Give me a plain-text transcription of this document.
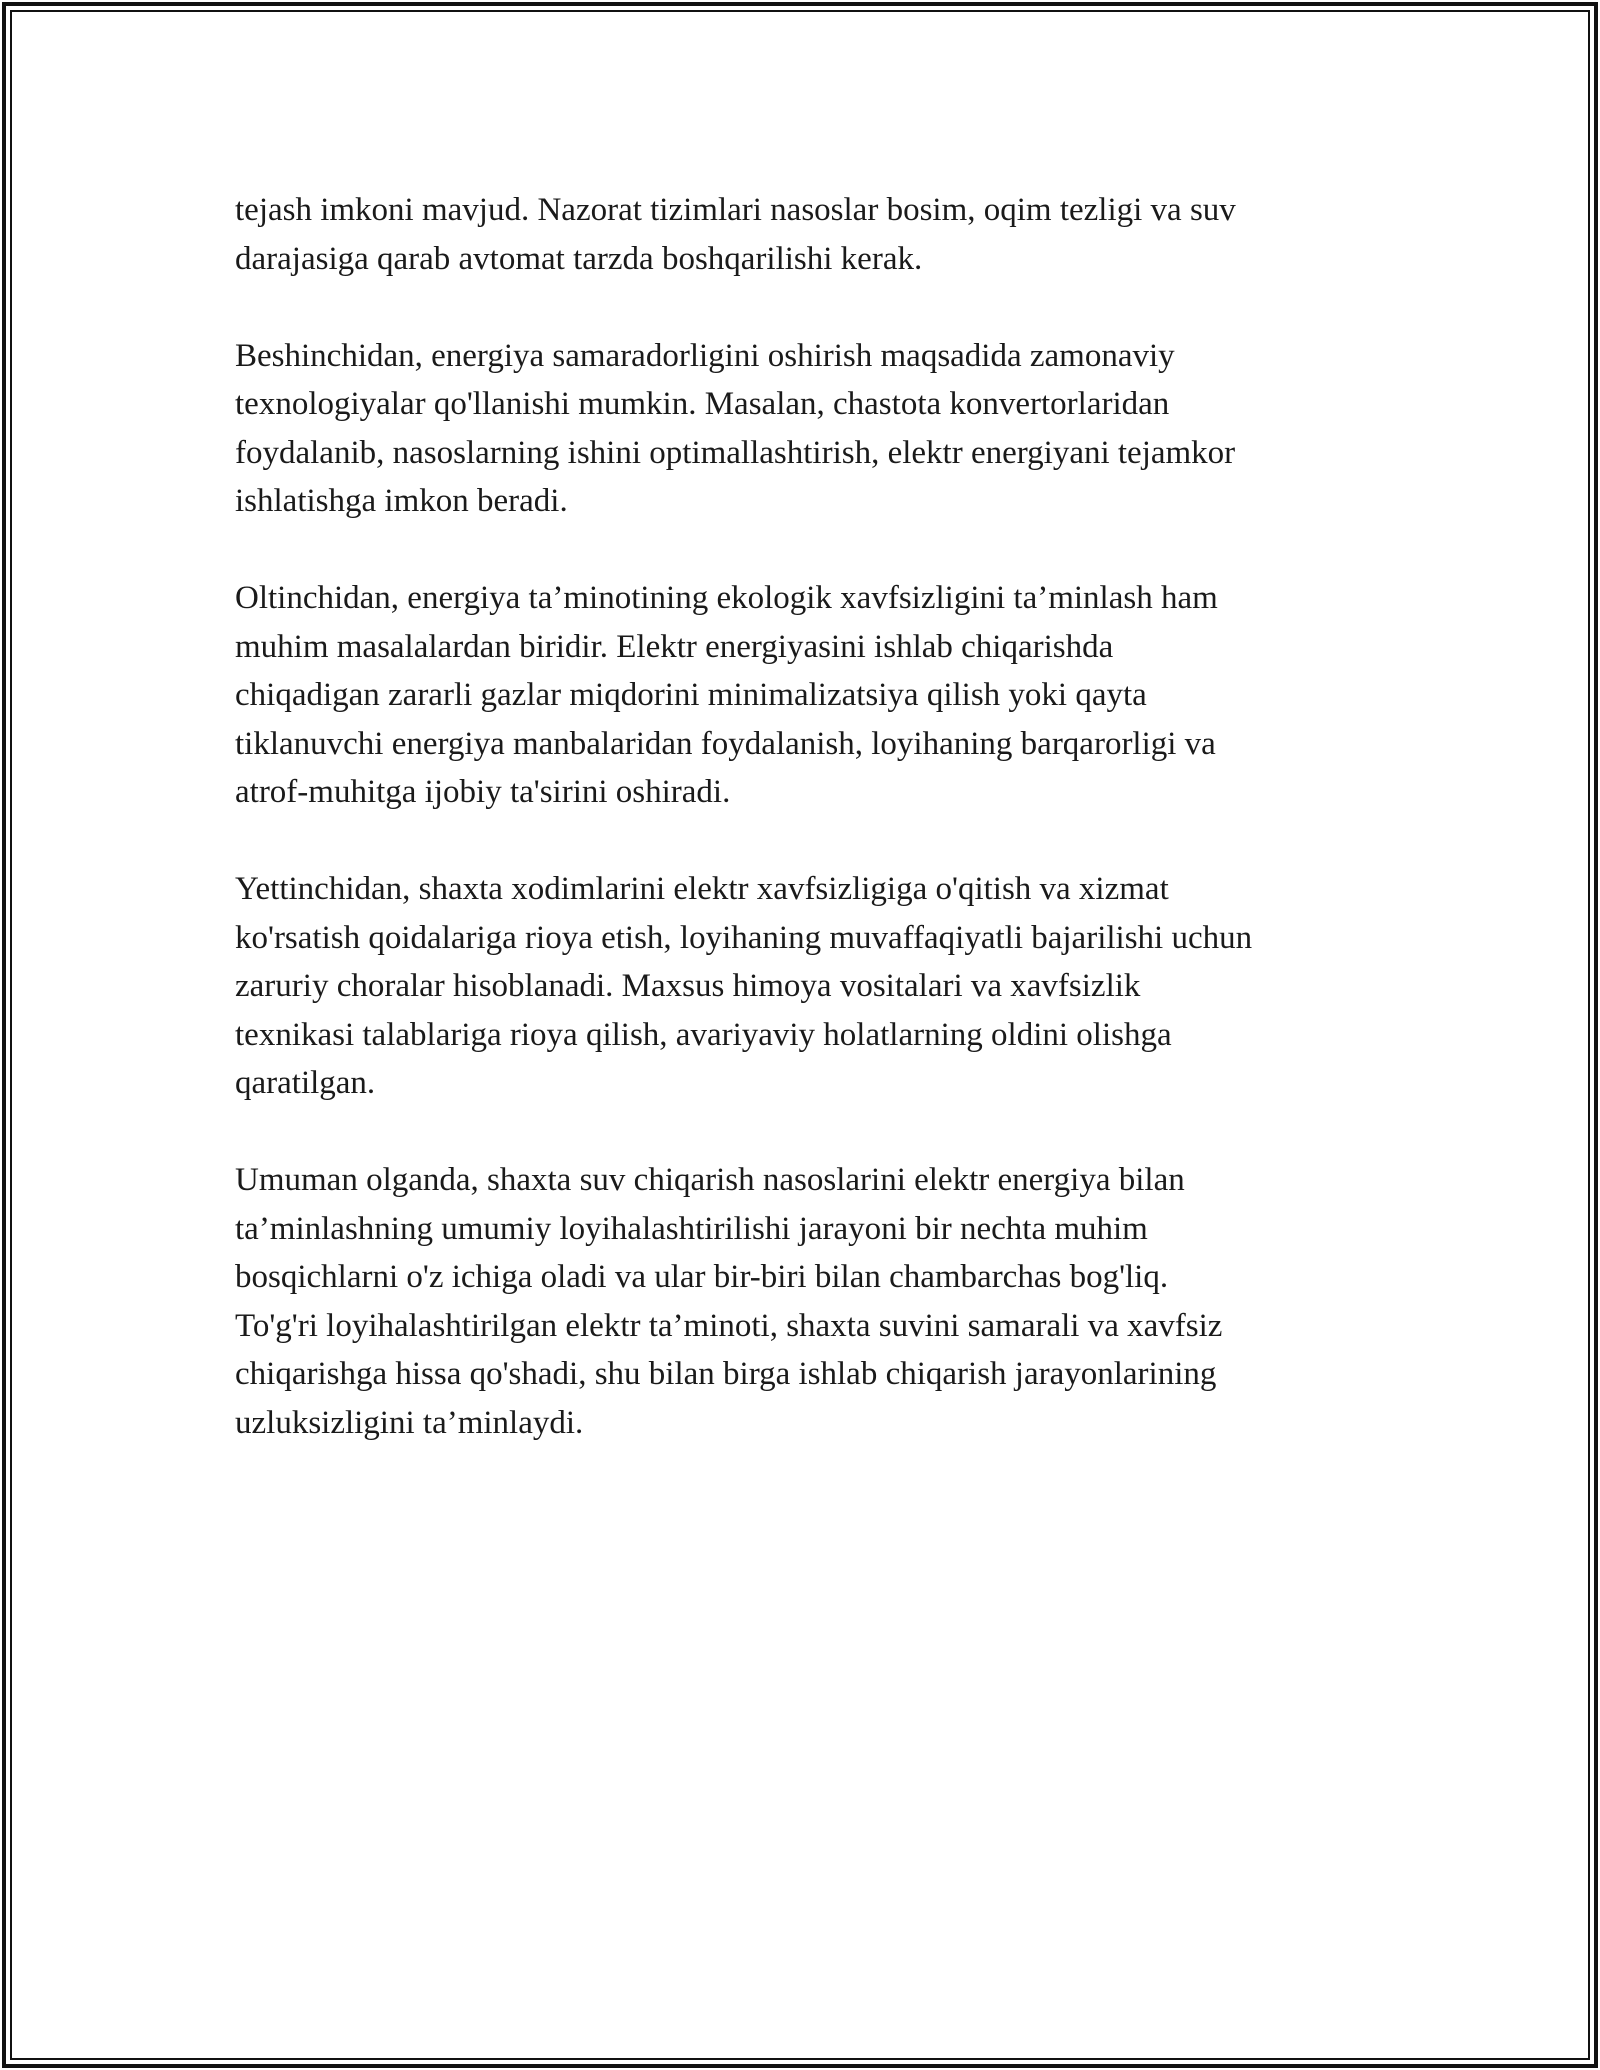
tejash imkoni mavjud. Nazorat tizimlari nasoslar bosim, oqim tezligi va suv
darajasiga qarab avtomat tarzda boshqarilishi kerak.

Beshinchidan, energiya samaradorligini oshirish maqsadida zamonaviy
texnologiyalar qo'llanishi mumkin. Masalan, chastota konvertorlaridan
foydalanib, nasoslarning ishini optimallashtirish, elektr energiyani tejamkor
ishlatishga imkon beradi.

Oltinchidan, energiya ta’minotining ekologik xavfsizligini ta’minlash ham
muhim masalalardan biridir. Elektr energiyasini ishlab chiqarishda
chiqadigan zararli gazlar miqdorini minimalizatsiya qilish yoki qayta
tiklanuvchi energiya manbalaridan foydalanish, loyihaning barqarorligi va
atrof-muhitga ijobiy ta'sirini oshiradi.

Yettinchidan, shaxta xodimlarini elektr xavfsizligiga o'qitish va xizmat
ko'rsatish qoidalariga rioya etish, loyihaning muvaffaqiyatli bajarilishi uchun
zaruriy choralar hisoblanadi. Maxsus himoya vositalari va xavfsizlik
texnikasi talablariga rioya qilish, avariyaviy holatlarning oldini olishga
qaratilgan.

Umuman olganda, shaxta suv chiqarish nasoslarini elektr energiya bilan
ta’minlashning umumiy loyihalashtirilishi jarayoni bir nechta muhim
bosqichlarni o'z ichiga oladi va ular bir-biri bilan chambarchas bog'liq.
To'g'ri loyihalashtirilgan elektr ta’minoti, shaxta suvini samarali va xavfsiz
chiqarishga hissa qo'shadi, shu bilan birga ishlab chiqarish jarayonlarining
uzluksizligini ta’minlaydi.
